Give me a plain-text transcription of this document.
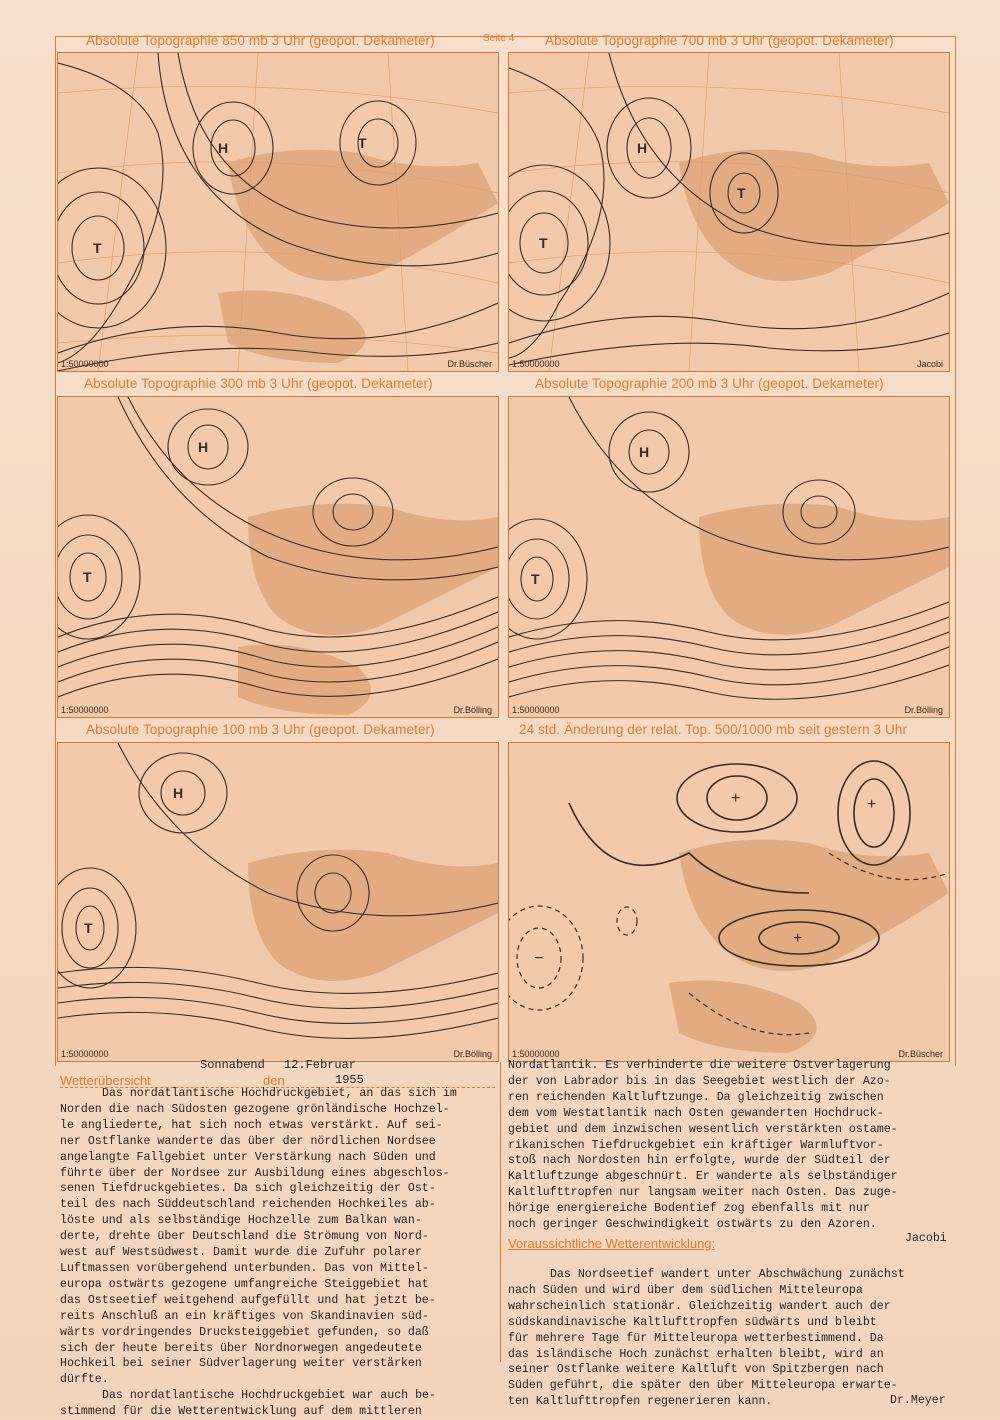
Seite 4
Absolute Topographie 850 mb 3 Uhr (geopot. Dekameter)	Absolute Topographie 700 mb 3 Uhr (geopot. Dekameter)
Absolute Topographie 300 mb 3 Uhr (geopot. Dekameter)	Absolute Topographie 200 mb 3 Uhr (geopot. Dekameter)
Absolute Topographie 100 mb 3 Uhr (geopot. Dekameter)	24 std. Änderung der relat. Top. 500/1000 mb seit gestern 3 Uhr
T
H	T
1:50000000	Dr.Büscher
T
H
T
1:50000000	Jacobi
T
H
1:50000000	Dr.Bölling
T
H
1:50000000	Dr.Bölling
T
H
1:50000000	Dr.Bölling
+	+
+
−
1:50000000	Dr.Büscher
Sonnabend 12.Februar
Wetterübersicht	den	1955

Das nordatlantische Hochdruckgebiet, an das sich im

Norden die nach Südosten gezogene grönländische Hochzel-

le angliederte, hat sich noch etwas verstärkt. Auf sei-

ner Ostflanke wanderte das über der nördlichen Nordsee

angelangte Fallgebiet unter Verstärkung nach Süden und

führte über der Nordsee zur Ausbildung eines abgeschlos-

senen Tiefdruckgebietes. Da sich gleichzeitig der Ost-

teil des nach Süddeutschland reichenden Hochkeiles ab-

löste und als selbständige Hochzelle zum Balkan wan-

derte, drehte über Deutschland die Strömung von Nord-

west auf Westsüdwest. Damit wurde die Zufuhr polarer

Luftmassen vorübergehend unterbunden. Das von Mittel-

europa ostwärts gezogene umfangreiche Steiggebiet hat

das Ostseetief weitgehend aufgefüllt und hat jetzt be-

reits Anschluß an ein kräftiges von Skandinavien süd-

wärts vordringendes Drucksteiggebiet gefunden, so daß

sich der heute bereits über Nordnorwegen angedeutete

Hochkeil bei seiner Südverlagerung weiter verstärken

dürfte.

Das nordatlantische Hochdruckgebiet war auch be-

stimmend für die Wetterentwicklung auf dem mittleren

Nordatlantik. Es verhinderte die weitere Ostverlagerung

der von Labrador bis in das Seegebiet westlich der Azo-

ren reichenden Kaltluftzunge. Da gleichzeitig zwischen

dem vom Westatlantik nach Osten gewanderten Hochdruck-

gebiet und dem inzwischen wesentlich verstärkten ostame-

rikanischen Tiefdruckgebiet ein kräftiger Warmluftvor-

stoß nach Nordosten hin erfolgte, wurde der Südteil der

Kaltluftzunge abgeschnürt. Er wanderte als selbständiger

Kaltlufttropfen nur langsam weiter nach Osten. Das zuge-

hörige energiereiche Bodentief zog ebenfalls mit nur

noch geringer Geschwindigkeit ostwärts zu den Azoren.

Jacobi
Voraussichtliche Wetterentwicklung:

Das Nordseetief wandert unter Abschwächung zunächst

nach Süden und wird über dem südlichen Mitteleuropa

wahrscheinlich stationär. Gleichzeitig wandert auch der

südskandinavische Kaltlufttropfen südwärts und bleibt

für mehrere Tage für Mitteleuropa wetterbestimmend. Da

das isländische Hoch zunächst erhalten bleibt, wird an

seiner Ostflanke weitere Kaltluft von Spitzbergen nach

Süden geführt, die später den über Mitteleuropa erwarte-

ten Kaltlufttropfen regenerieren kann.	Dr.Meyer
